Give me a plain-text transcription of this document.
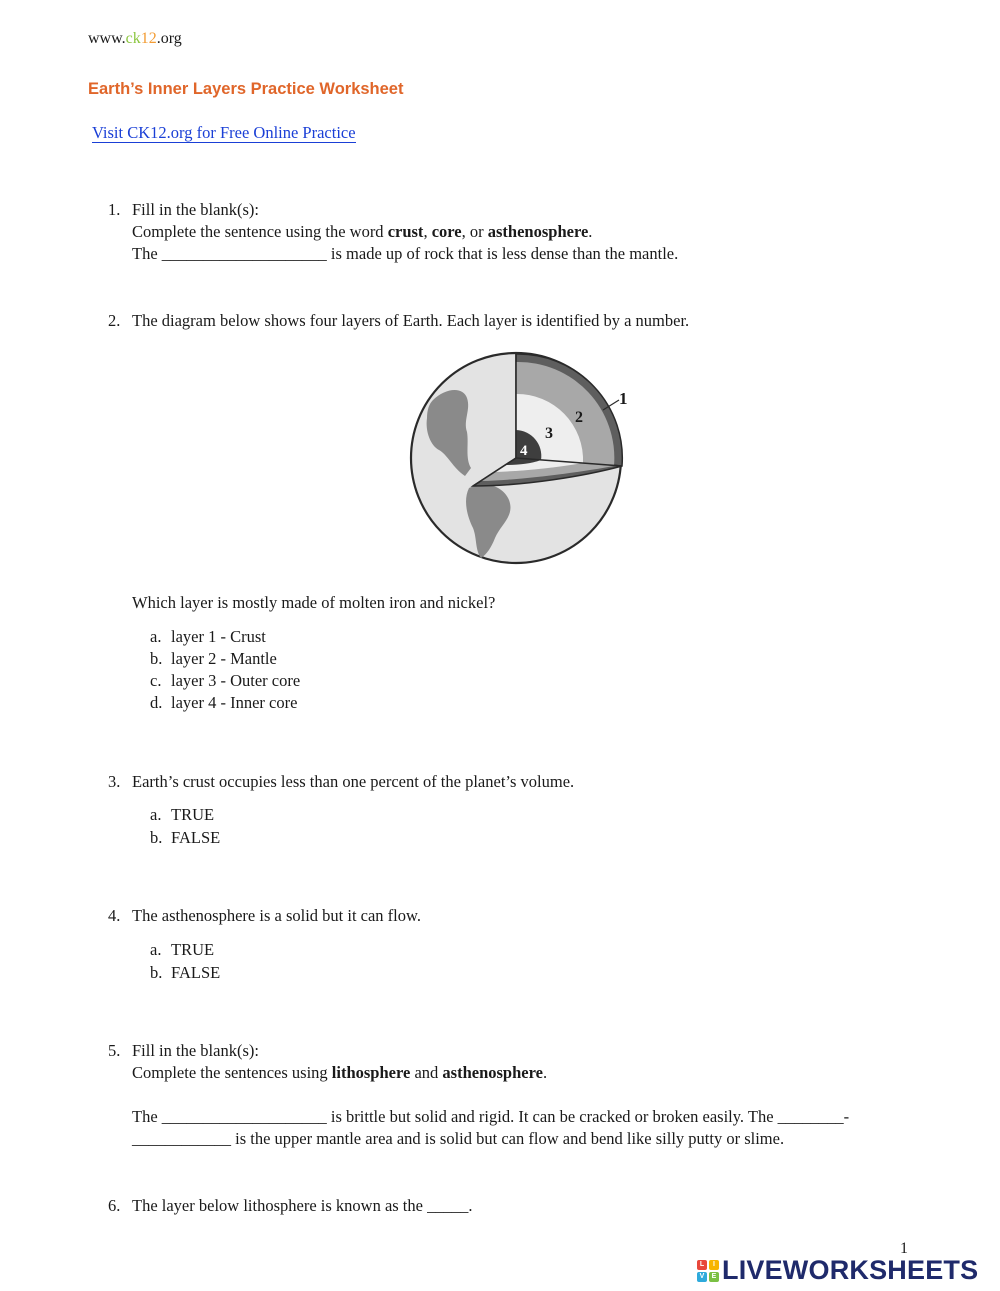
www.ck12.org
Earth’s Inner Layers Practice Worksheet
Visit CK12.org for Free Online Practice
1. Fill in the blank(s):
Complete the sentence using the word crust, core, or asthenosphere.
The ____________________ is made up of rock that is less dense than the mantle.
2. The diagram below shows four layers of Earth. Each layer is identified by a number.
1
2
3
4
Which layer is mostly made of molten iron and nickel?
a. layer 1 - Crust
b. layer 2 - Mantle
c. layer 3 - Outer core
d. layer 4 - Inner core
3. Earth’s crust occupies less than one percent of the planet’s volume.
a. TRUE
b. FALSE
4. The asthenosphere is a solid but it can flow.
a. TRUE
b. FALSE
5. Fill in the blank(s):
Complete the sentences using lithosphere and asthenosphere.
The ____________________ is brittle but solid and rigid. It can be cracked or broken easily. The ________-
____________ is the upper mantle area and is solid but can flow and bend like silly putty or slime.
6. The layer below lithosphere is known as the _____.
1
L	I
V	E LIVEWORKSHEETS
